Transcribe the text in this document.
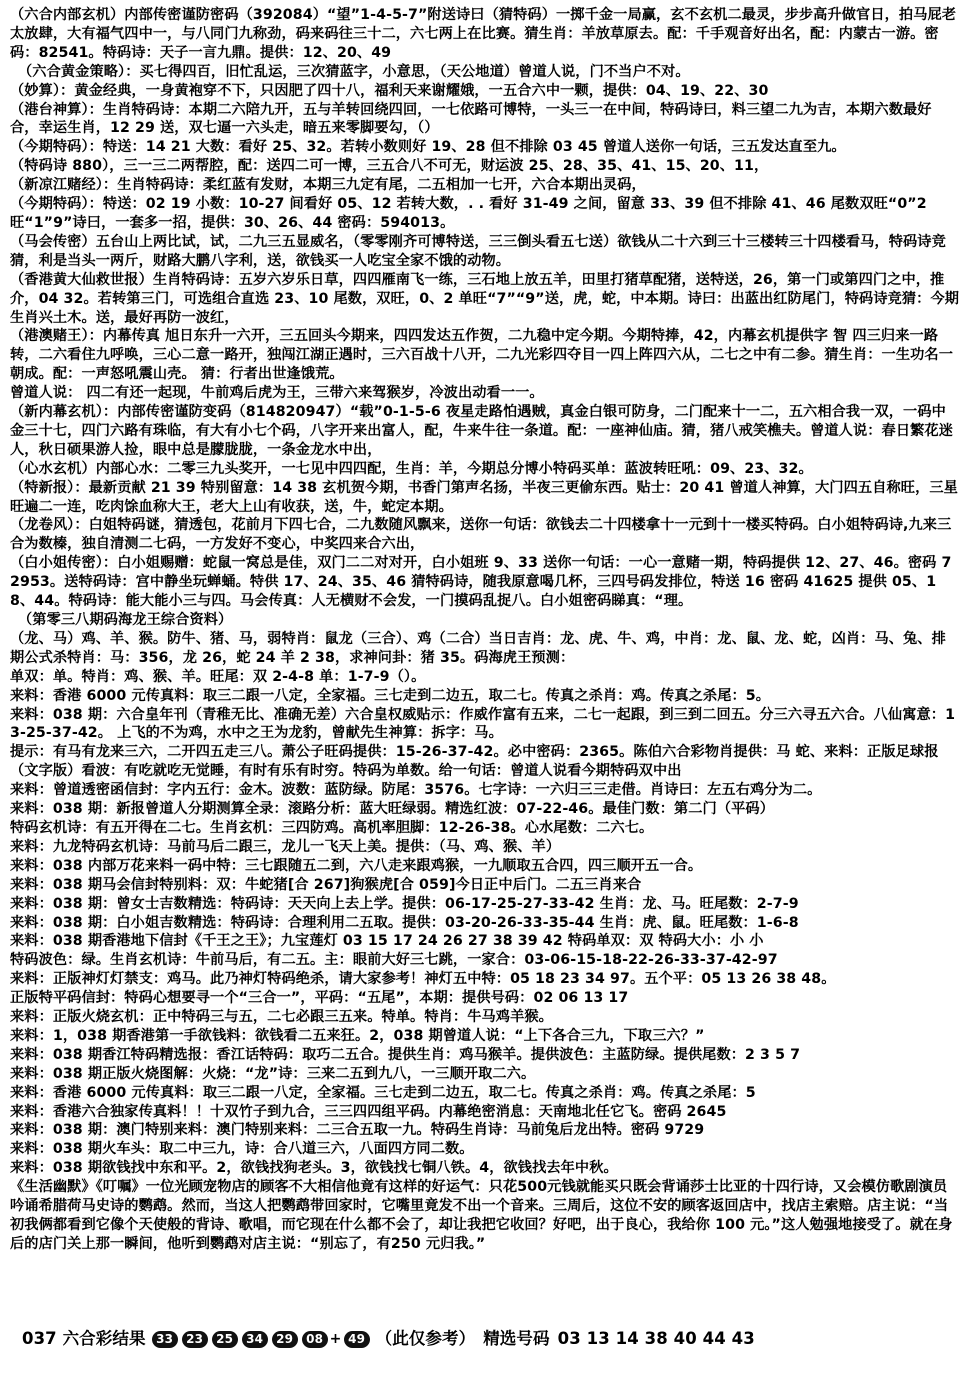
（六合内部玄机）内部传密谨防密码（392084）“望”1-4-5-7”附送诗曰（猜特码）一掷千金一局赢，玄不玄机二最灵，步步高升做官日，拍马屁老太放肆，大有福气四中一，与八同门九称劲，码来码往三十二，六七两上在比赛。猜生肖：羊放草原去。配：千手观音好出名，配：内蒙古一游。密码：82541。特码诗：天子一言九鼎。提供：12、20、49

（六合黄金策略）：买七得四百，旧忙乱运，三次猜蓝字，小意思，（天公地道）曾道人说，门不当户不对。

（妙算）：黄金经典，一身黄袍穿不下，只因肥了四十八，福利天来谢耀娥，一五合六中一颗，提供：04、19、22、30

（港台神算）：生肖特码诗：本期二六陪九开，五与羊转回绕四回，一七依路可博特，一头三一在中间，特码诗曰，料三望二九为吉，本期六数最好合，幸运生肖，12 29 送，双七逼一六头走，暗五来零脚要勾，（）

（今期特码）：特送：14 21 大数：看好 25、32。若转小数则好 19、28 但不排除 03 45 曾道人送你一句话，三五发达直至九。

（特码诗 880），三一三二两帮腔，配：送四二可一博，三五合八不可无，财运波 25、28、35、41、15、20、11，

（新凉江赌经）：生肖特码诗：柔红蓝有发财，本期三九定有尾，二五相加一七开，六合本期出灵码，

（今期特码）：特送：02 19 小数：10-27 间看好 05、12 若转大数，. . 看好 31-49 之间，留意 33、39 但不排除 41、46 尾数双旺“0”2旺“1”9”诗曰，一套多一招，提供：30、26、44 密码：594013。

（马会传密）五台山上两比试，试，二九三五显威名，（零零刚齐可博特送，三三倒头看五七送）欲钱从二十六到三十三楼转三十四楼看马，特码诗竞猜，利是当头一两斤，财路大鹏八字利，送，欲钱买一人吃宝全家不饿的动物。

（香港黄大仙救世报）生肖特码诗：五岁六岁乐日草，四四雁南飞一练，三石地上放五羊，田里打猪草配猪，送特送，26，第一门或第四门之中，推介，04 32。若转第三门，可选组合直选 23、10 尾数，双旺，0、2 单旺“7”“9”送，虎，蛇，中本期。诗曰：出蓝出红防尾门，特码诗竞猜：今期生肖兴土木。送，最好再防一波红，

（港澳赌王）：内幕传真 旭日东升一六开，三五回头今期来，四四发达五作贺，二九稳中定今期。今期特捧，42，内幕玄机提供字 智 四三归来一路转，二六看住九呼唤，三心二意一路开，独闯江湖正遇时，三六百战十八开，二九光彩四夺目一四上阵四六从，二七之中有二参。猜生肖：一生功名一朝成。配：一声怒吼震山壳。 猜：行者出世逢饿荒。

曾道人说： 四二有还一起现，牛前鸡后虎为王，三带六来驾猴岁，冷波出动看一一。

（新内幕玄机）：内部传密谨防变码（814820947）“载”0-1-5-6 夜星走路怕遇贼，真金白银可防身，二门配来十一二，五六相合我一双，一码中金三十七，四门六路有珠临，有大有小七个码，八字开来出富人，配，牛来牛往一条道。配：一座神仙庙。猜，猪八戒笑樵夫。曾道人说：春日繁花迷人，秋日硕果游人捡，眼中总是朦胧胧，一条金龙水中出，

（心水玄机）内部心水：二零三九头奖开，一七见中四四配，生肖：羊，今期总分博小特码买单：蓝波转旺吼：09、23、32。

（特新报）：最新贡献 21 39 特别留意：14 38 玄机贺今期，书香门第声名扬，半夜三更偷东西。贴士：20 41 曾道人神算，大门四五自称旺，三星旺遍二一连，吃肉馀血称大王，老大上山有收获，送，牛，蛇定本期。

（龙卷风）：白姐特码谜，猜透包，花前月下四七合，二九数随风飘来，送你一句话：欲钱去二十四楼拿十一元到十一楼买特码。白小姐特码诗,九来三合为数榛，独自清测二七码，一方发好不变心，中奖四来合六出，

（白小姐传密）：白小姐赐赠：蛇鼠一窝总是佳，双门二二对对开，白小姐班 9、33 送你一句话：一心一意赌一期，特码提供 12、27、46。密码 72953。送特码诗：宫中静坐玩蝉蛹。特供 17、24、35、46 猜特码诗，随我原意喝几杯，三四号码发排位，特送 16 密码 41625 提供 05、18、44。特码诗：能大能小三与四。马会传真：人无横财不会发，一门摸码乱捉八。白小姐密码睇真：“理。

（第零三八期码海龙王综合资料）

（龙、马）鸡、羊、猴。防牛、猪、马，弱特肖：鼠龙（三合）、鸡（二合）当日吉肖：龙、虎、牛、鸡，中肖：龙、鼠、龙、蛇，凶肖：马、兔、排期公式杀特肖：马：356，龙 26，蛇 24 羊 2 38，求神问卦：猪 35。码海虎王预测：

单双：单。特肖：鸡、猴、羊。旺尾：双 2-4-8 单：1-7-9（）。

来料：香港 6000 元传真料：取三二跟一八定，全家福。三七走到二边五，取二七。传真之杀肖：鸡。传真之杀尾：5。

来料：038 期：六合皇年刊（青稚无比、准确无差）六合皇权威贴示：作威作富有五来，二七一起跟，到三到二回五。分三六寻五六合。八仙寓意：13-25-37-42。 上飞的不为鸡，水中之王为龙豹，曾献先生神算：拆字：马。

提示：有马有龙来三六，二开四五走三八。萧公子旺码提供：15-26-37-42。必中密码：2365。陈伯六合彩物肖提供：马 蛇、来料：正版足球报（文字版）看波：有吃就吃无觉睡，有时有乐有时穷。特码为单数。给一句话：曾道人说看今期特码双中出

来料：曾道透密函信封：字内五行：金木。波数：蓝防绿。防尾：3576。七字诗：一六归三三走借。肖诗曰：左五右鸡分为二。

来料：038 期：新报曾道人分期测算全录：滚路分析：蓝大旺绿弱。精选红波：07-22-46。最佳门数：第二门（平码）

特码玄机诗：有五开得在二七。生肖玄机：三四防鸡。高机率胆脚：12-26-38。心水尾数：二六七。

来料：九龙特码玄机诗：马前马后二跟三，龙儿一飞天上美。提供：（马、鸡、猴、羊）

来料：038 内部万花来料一码中特：三七跟随五二到，六八走来跟鸡猴，一九顺取五合四，四三顺开五一合。

来料：038 期马会信封特别料：双：牛蛇猪[合 267]狗猴虎[合 059]今日正中后门。二五三肖来合

来料：038 期：曾女士吉数精选：特码诗：天天向上去上学。提供：06-17-25-27-33-42 生肖：龙、马。旺尾数：2-7-9

来料：038 期：白小姐吉数精选：特码诗：合理利用二五取。提供：03-20-26-33-35-44 生肖：虎、鼠。旺尾数：1-6-8

来料：038 期香港地下信封《千王之王》；九宝莲灯 03 15 17 24 26 27 38 39 42 特码单双：双 特码大小：小 小

特码波色：绿。生肖玄机诗：牛前马后，有二五。主：眼前大好三七跳，一家合：03-06-15-18-22-26-33-37-42-97

来料：正版神灯灯禁支：鸡马。此乃神灯特码绝杀，请大家参考！神灯五中特：05 18 23 34 97。五个平：05 13 26 38 48。

正版特平码信封：特码心想要寻一个“三合一”，平码：“五尾”，本期：提供号码：02 06 13 17

来料：正版火烧玄机：正中特码三与五，二七必跟三五来。特单。特肖：牛马鸡羊猴。

来料：1，038 期香港第一手欲钱料：欲钱看二五来狂。2，038 期曾道人说：“上下各合三九，下取三六？”

来料：038 期香江特码精选报：香江话特码：取巧二五合。提供生肖：鸡马猴羊。提供波色：主蓝防绿。提供尾数：2 3 5 7

来料：038 期正版火烧图解：火烧：“龙”诗：三来二五到九八，一三顺开取二六。

来料：香港 6000 元传真料：取三二跟一八定，全家福。三七走到二边五，取二七。传真之杀肖：鸡。传真之杀尾：5

来料：香港六合独家传真料！！十双竹子到九合，三三四四组平码。内幕绝密消息：天南地北任它飞。密码 2645

来料：038 期：澳门特别来料：澳门特别来料：二三合五取一九。特码生肖诗：马前兔后龙出特。密码 9729

来料：038 期火车头：取二中三九，诗：合八道三六，八面四方同二数。

来料：038 期欲钱找中东和平。2，欲钱找狗老头。3，欲钱找七铜八铁。4，欲钱找去年中秋。

《生活幽默》《叮嘱》一位光顾宠物店的顾客不大相信他竟有这样的好运气：只花500元钱就能买只既会背诵莎士比亚的十四行诗，又会模仿歌剧演员吟诵希腊荷马史诗的鹦鹉。然而，当这人把鹦鹉带回家时，它嘴里竟发不出一个音来。三周后，这位不安的顾客返回店中，找店主索赔。店主说：“当初我俩都看到它像个天使般的背诗、歌唱，而它现在什么都不会了，却让我把它收回？好吧，出于良心，我给你 100 元。”这人勉强地接受了。就在身后的店门关上那一瞬间，他听到鹦鹉对店主说：“别忘了，有250 元归我。”

037 六合彩结果 33	23	25	34	29	08 + 49 （此仅参考） 精选号码 03 13 14 38 40 44 43
